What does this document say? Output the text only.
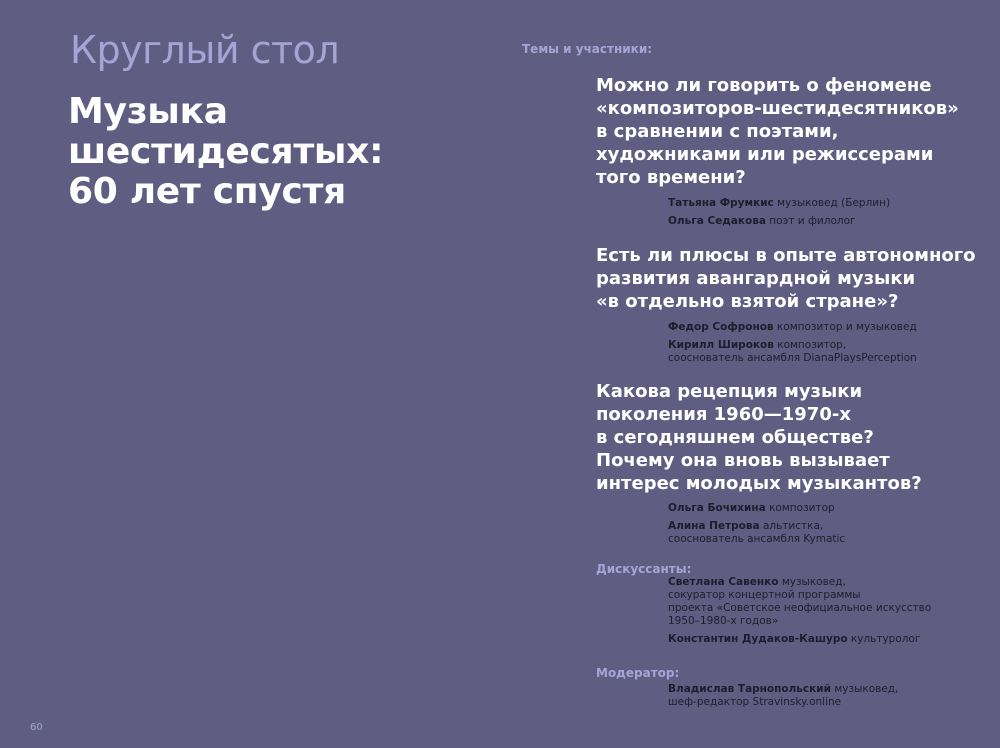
Круглый стол

Музыка
шестидесятых:
60 лет спустя

Темы и участники:

Можно ли говорить о феномене
«композиторов-шестидесятников»
в сравнении с поэтами,
художниками или режиссерами
того времени?
Татьяна Фрумкис музыковед (Берлин)
Ольга Седакова поэт и филолог
Есть ли плюсы в опыте автономного
развития авангардной музыки
«в отдельно взятой стране»?
Федор Софронов композитор и музыковед
Кирилл Широков композитор,
сооснователь ансамбля DianaPlaysPerception
Какова рецепция музыки
поколения 1960—1970-х
в сегодняшнем обществе?
Почему она вновь вызывает
интерес молодых музыкантов?
Ольга Бочихина композитор
Алина Петрова альтистка,
сооснователь ансамбля Kymatic

Дискуссанты:

Светлана Савенко музыковед,
сокуратор концертной программы
проекта «Советское неофициальное искусство
1950–1980-х годов»
Константин Дудаков-Кашуро культуролог

Модератор:

Владислав Тарнопольский музыковед,
шеф-редактор Stravinsky.online
60
